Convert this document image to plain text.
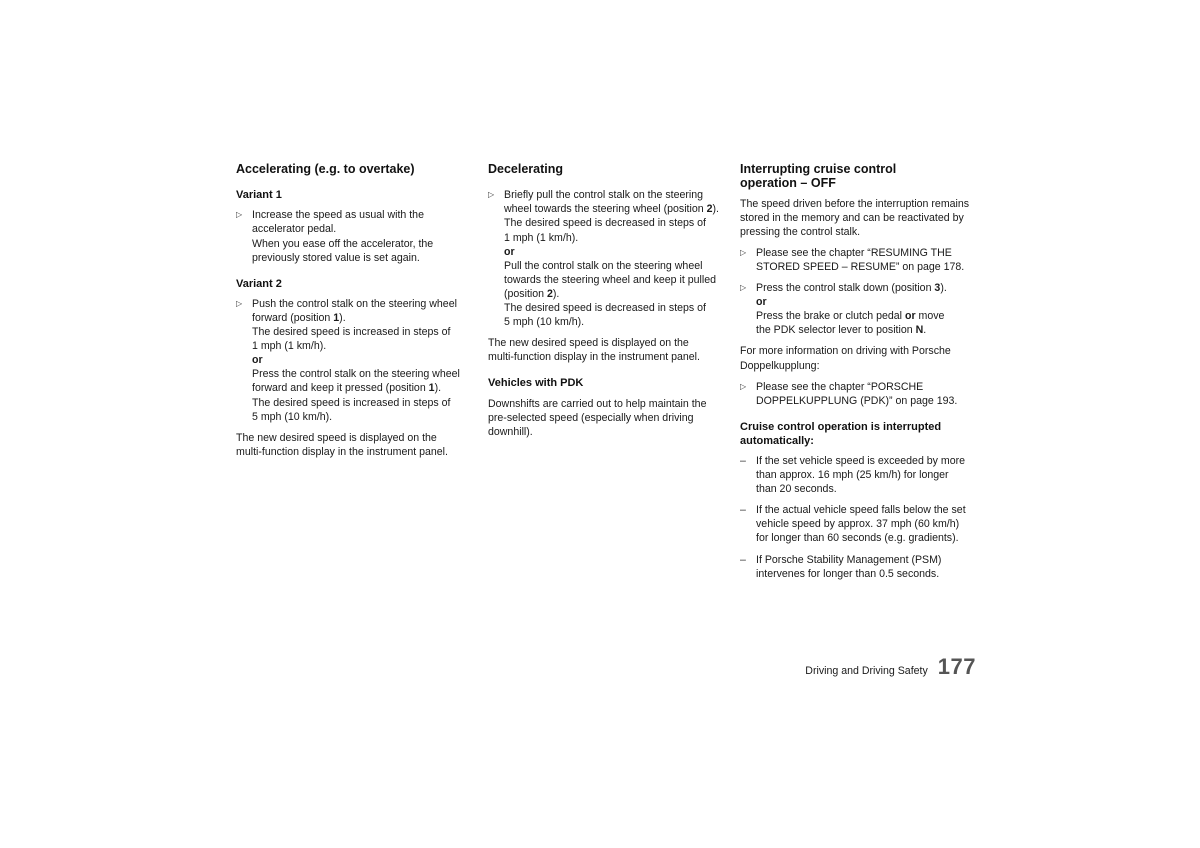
Accelerating (e.g. to overtake)
Variant 1
▷ Increase the speed as usual with the

accelerator pedal.

When you ease off the accelerator, the

previously stored value is set again.

Variant 2
▷ Push the control stalk on the steering wheel

forward (position 1).

The desired speed is increased in steps of

1 mph (1 km/h).

or

Press the control stalk on the steering wheel

forward and keep it pressed (position 1).

The desired speed is increased in steps of

5 mph (10 km/h).

The new desired speed is displayed on the

multi-function display in the instrument panel.

Decelerating
▷ Briefly pull the control stalk on the steering

wheel towards the steering wheel (position 2).

The desired speed is decreased in steps of

1 mph (1 km/h).

or

Pull the control stalk on the steering wheel

towards the steering wheel and keep it pulled

(position 2).

The desired speed is decreased in steps of

5 mph (10 km/h).

The new desired speed is displayed on the

multi-function display in the instrument panel.

Vehicles with PDK

Downshifts are carried out to help maintain the

pre-selected speed (especially when driving

downhill).

Interrupting cruise control
operation – OFF

The speed driven before the interruption remains

stored in the memory and can be reactivated by

pressing the control stalk.

▷ Please see the chapter “RESUMING THE

STORED SPEED – RESUME” on page 178.

▷ Press the control stalk down (position 3).

or

Press the brake or clutch pedal or move

the PDK selector lever to position N.

For more information on driving with Porsche

Doppelkupplung:

▷ Please see the chapter “PORSCHE

DOPPELKUPPLUNG (PDK)” on page 193.

Cruise control operation is interrupted
automatically:
– If the set vehicle speed is exceeded by more

than approx. 16 mph (25 km/h) for longer

than 20 seconds.

– If the actual vehicle speed falls below the set

vehicle speed by approx. 37 mph (60 km/h)

for longer than 60 seconds (e.g. gradients).

– If Porsche Stability Management (PSM)

intervenes for longer than 0.5 seconds.

Driving and Driving Safety 177
